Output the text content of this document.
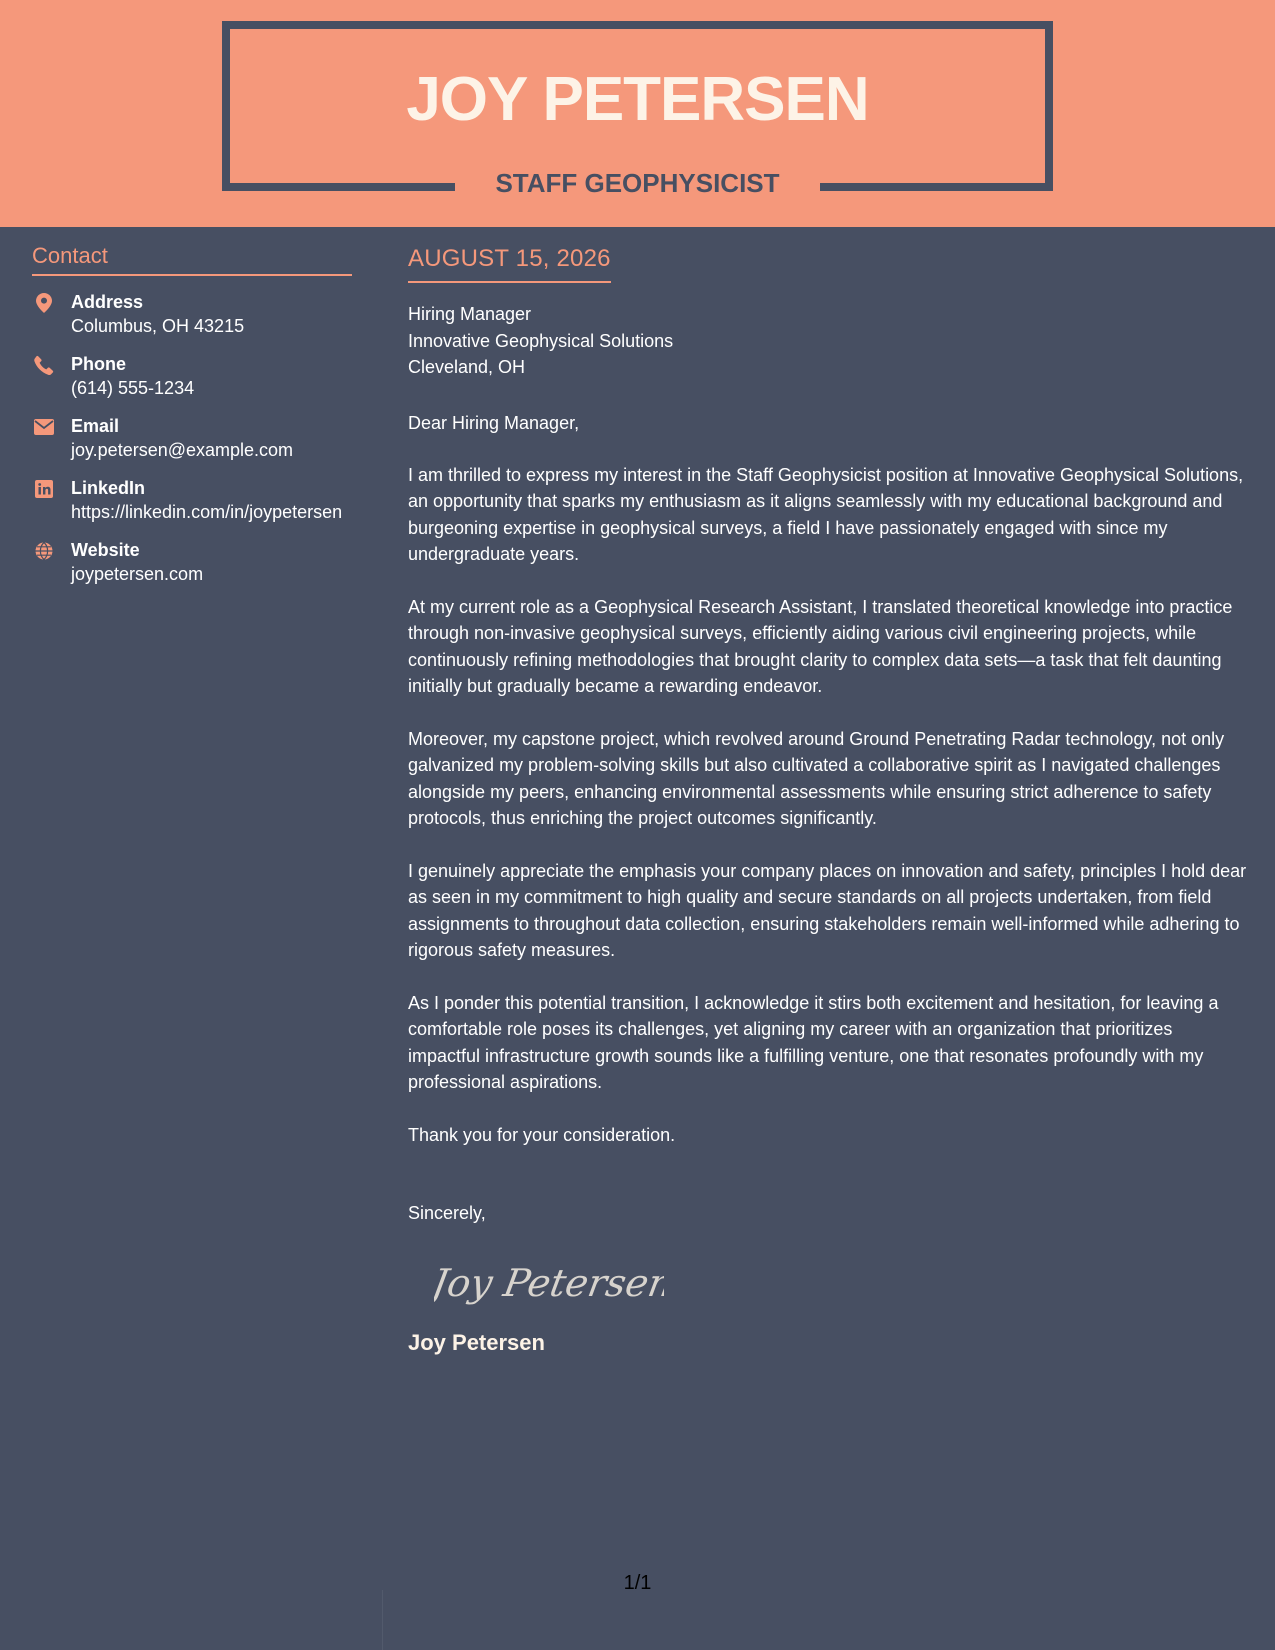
JOY PETERSEN
STAFF GEOPHYSICIST
Contact
Address
Columbus, OH 43215
Phone
(614) 555-1234
Email
joy.petersen@example.com
LinkedIn
https://linkedin.com/in/joypetersen
Website
joypetersen.com
AUGUST 15, 2026
Hiring Manager
Innovative Geophysical Solutions
Cleveland, OH
Dear Hiring Manager,
I am thrilled to express my interest in the Staff Geophysicist position at Innovative Geophysical Solutions, an opportunity that sparks my enthusiasm as it aligns seamlessly with my educational background and burgeoning expertise in geophysical surveys, a field I have passionately engaged with since my undergraduate years.
At my current role as a Geophysical Research Assistant, I translated theoretical knowledge into practice through non-invasive geophysical surveys, efficiently aiding various civil engineering projects, while continuously refining methodologies that brought clarity to complex data sets—a task that felt daunting initially but gradually became a rewarding endeavor.
Moreover, my capstone project, which revolved around Ground Penetrating Radar technology, not only galvanized my problem-solving skills but also cultivated a collaborative spirit as I navigated challenges alongside my peers, enhancing environmental assessments while ensuring strict adherence to safety protocols, thus enriching the project outcomes significantly.
I genuinely appreciate the emphasis your company places on innovation and safety, principles I hold dear as seen in my commitment to high quality and secure standards on all projects undertaken, from field assignments to throughout data collection, ensuring stakeholders remain well-informed while adhering to rigorous safety measures.
As I ponder this potential transition, I acknowledge it stirs both excitement and hesitation, for leaving a comfortable role poses its challenges, yet aligning my career with an organization that prioritizes impactful infrastructure growth sounds like a fulfilling venture, one that resonates profoundly with my professional aspirations.
Thank you for your consideration.
Sincerely,
Joy Petersen
Joy Petersen
1/1
